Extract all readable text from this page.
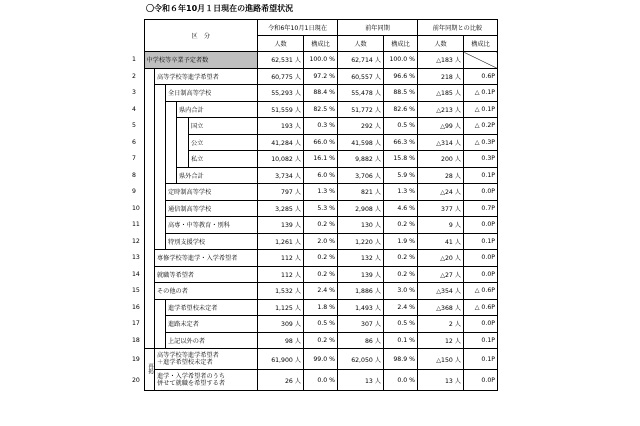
〇令和６年10月１日現在の進路希望状況
	区　分					令和6年10月1日現在		前年同期		前年同期との比較	
						人数	構成比	人数	構成比	人数	構成比
1	中学校等卒業予定者数					62,531 人	100.0 %	62,714 人	100.0 %	△183 人	
2		高等学校等進学希望者				60,775 人	97.2 %	60,557 人	96.6 %	218 人	0.6P
3			全日制高等学校			55,293 人	88.4 %	55,478 人	88.5 %	△185 人	△ 0.1P
4				県内合計		51,559 人	82.5 %	51,772 人	82.6 %	△213 人	△ 0.1P
5					国立	193 人	0.3 %	292 人	0.5 %	△99 人	△ 0.2P
6					公立	41,284 人	66.0 %	41,598 人	66.3 %	△314 人	△ 0.3P
7					私立	10,082 人	16.1 %	9,882 人	15.8 %	200 人	0.3P
8				県外合計		3,734 人	6.0 %	3,706 人	5.9 %	28 人	0.1P
9			定時制高等学校			797 人	1.3 %	821 人	1.3 %	△24 人	0.0P
10			通信制高等学校			3,285 人	5.3 %	2,908 人	4.6 %	377 人	0.7P
11			高専・中等教育・別科			139 人	0.2 %	130 人	0.2 %	9 人	0.0P
12			特別支援学校			1,261 人	2.0 %	1,220 人	1.9 %	41 人	0.1P
13		専修学校等進学・入学希望者				112 人	0.2 %	132 人	0.2 %	△20 人	0.0P
14		就職等希望者				112 人	0.2 %	139 人	0.2 %	△27 人	0.0P
15		その他の者				1,532 人	2.4 %	1,886 人	3.0 %	△354 人	△ 0.6P
16			進学希望校未定者			1,125 人	1.8 %	1,493 人	2.4 %	△368 人	△ 0.6P
17			進路未定者			309 人	0.5 %	307 人	0.5 %	2 人	0.0P
18			上記以外の者			98 人	0.2 %	86 人	0.1 %	12 人	0.1P
19	再掲	高等学校等進学希望者
＋進学希望校未定者				61,900 人	99.0 %	62,050 人	98.9 %	△150 人	0.1P
20		進学・入学希望者のうち
併せて就職を希望する者				26 人	0.0 %	13 人	0.0 %	13 人	0.0P
